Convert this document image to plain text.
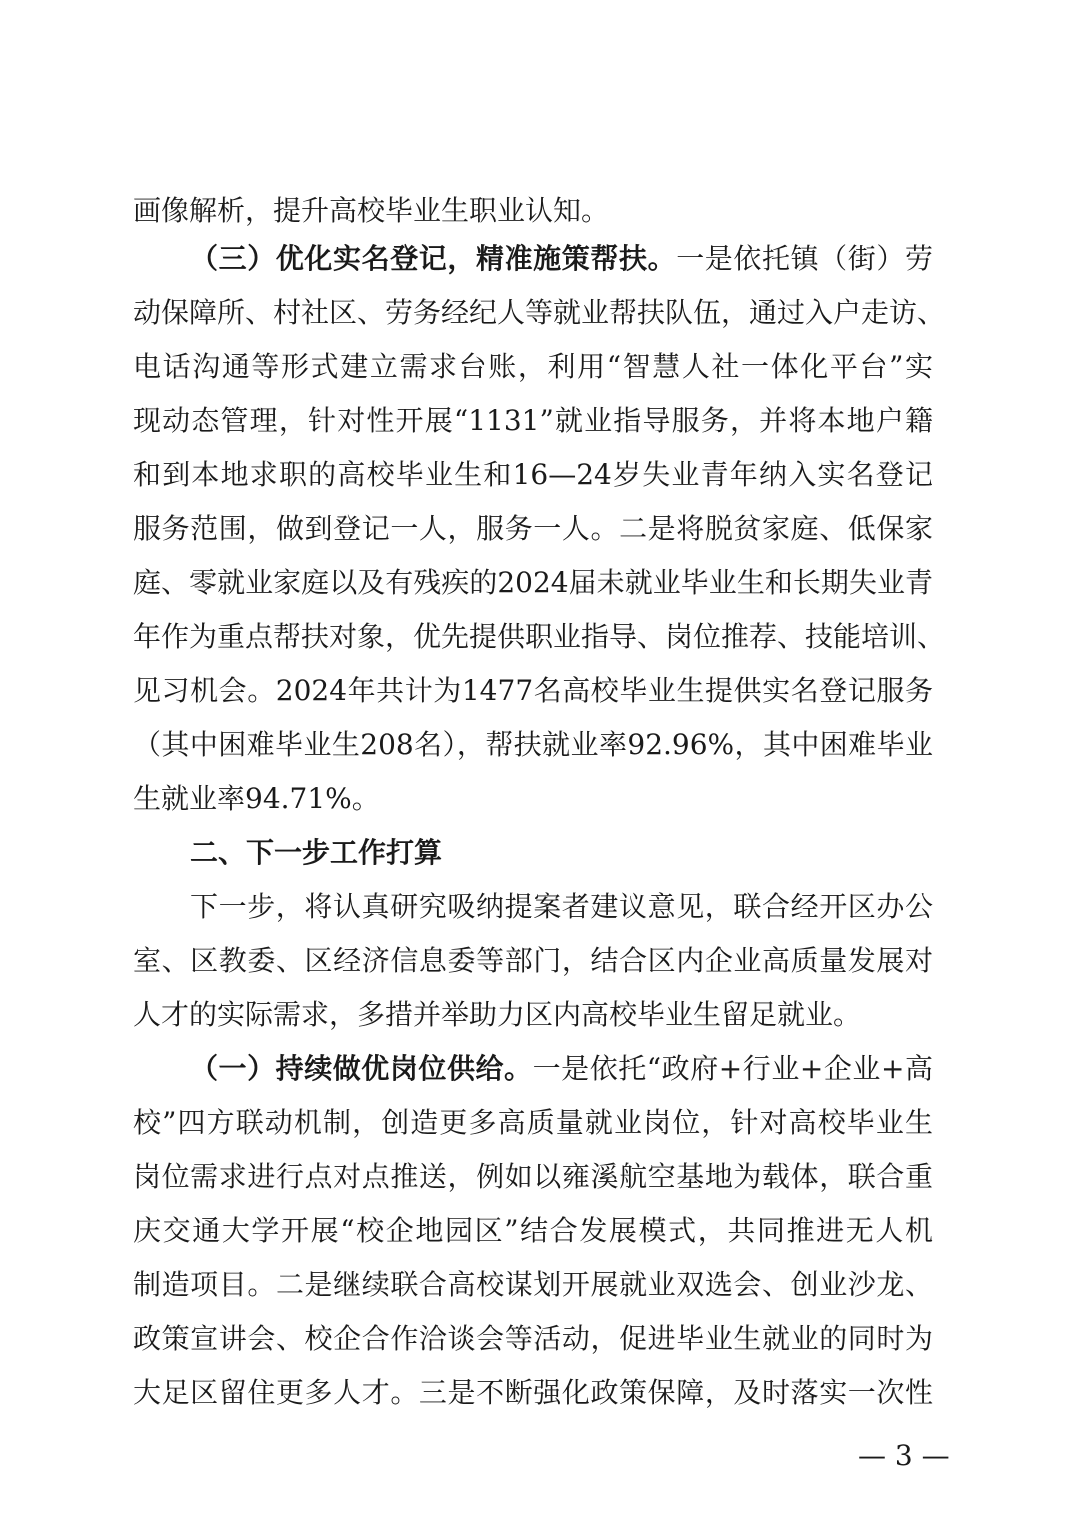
画像解析，提升高校毕业生职业认知。
（三）优化实名登记，精准施策帮扶。一是依托镇（街）劳
动保障所、村社区、劳务经纪人等就业帮扶队伍，通过入户走访、
电话沟通等形式建立需求台账，利用“智慧人社一体化平台”实
现动态管理，针对性开展“1131”就业指导服务，并将本地户籍
和到本地求职的高校毕业生和16—24岁失业青年纳入实名登记
服务范围，做到登记一人，服务一人。二是将脱贫家庭、低保家
庭、零就业家庭以及有残疾的2024届未就业毕业生和长期失业青
年作为重点帮扶对象，优先提供职业指导、岗位推荐、技能培训、
见习机会。2024年共计为1477名高校毕业生提供实名登记服务
（其中困难毕业生208名），帮扶就业率92.96%，其中困难毕业
生就业率94.71%。
二、下一步工作打算
下一步，将认真研究吸纳提案者建议意见，联合经开区办公
室、区教委、区经济信息委等部门，结合区内企业高质量发展对
人才的实际需求，多措并举助力区内高校毕业生留足就业。
（一）持续做优岗位供给。一是依托“政府+行业+企业+高
校”四方联动机制，创造更多高质量就业岗位，针对高校毕业生
岗位需求进行点对点推送，例如以雍溪航空基地为载体，联合重
庆交通大学开展“校企地园区”结合发展模式，共同推进无人机
制造项目。二是继续联合高校谋划开展就业双选会、创业沙龙、
政策宣讲会、校企合作洽谈会等活动，促进毕业生就业的同时为
大足区留住更多人才。三是不断强化政策保障，及时落实一次性
— 3 —
